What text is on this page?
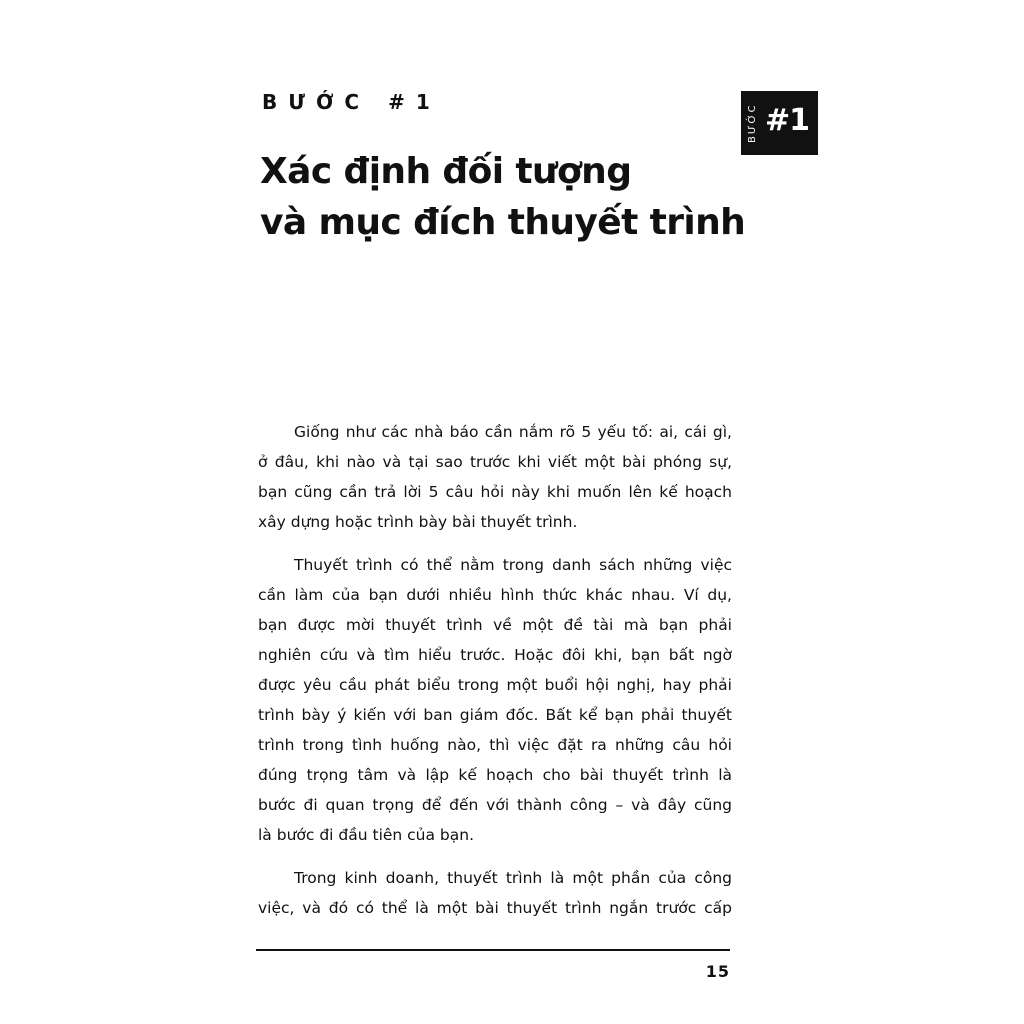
BƯỚC #1
Xác định đối tượng
và mục đích thuyết trình
BƯỚC #1
Giống như các nhà báo cần nắm rõ 5 yếu tố: ai, cái gì,
ở đâu, khi nào và tại sao trước khi viết một bài phóng sự,
bạn cũng cần trả lời 5 câu hỏi này khi muốn lên kế hoạch
xây dựng hoặc trình bày bài thuyết trình.
Thuyết trình có thể nằm trong danh sách những việc
cần làm của bạn dưới nhiều hình thức khác nhau. Ví dụ,
bạn được mời thuyết trình về một đề tài mà bạn phải
nghiên cứu và tìm hiểu trước. Hoặc đôi khi, bạn bất ngờ
được yêu cầu phát biểu trong một buổi hội nghị, hay phải
trình bày ý kiến với ban giám đốc. Bất kể bạn phải thuyết
trình trong tình huống nào, thì việc đặt ra những câu hỏi
đúng trọng tâm và lập kế hoạch cho bài thuyết trình là
bước đi quan trọng để đến với thành công – và đây cũng
là bước đi đầu tiên của bạn.
Trong kinh doanh, thuyết trình là một phần của công
việc, và đó có thể là một bài thuyết trình ngắn trước cấp
15
